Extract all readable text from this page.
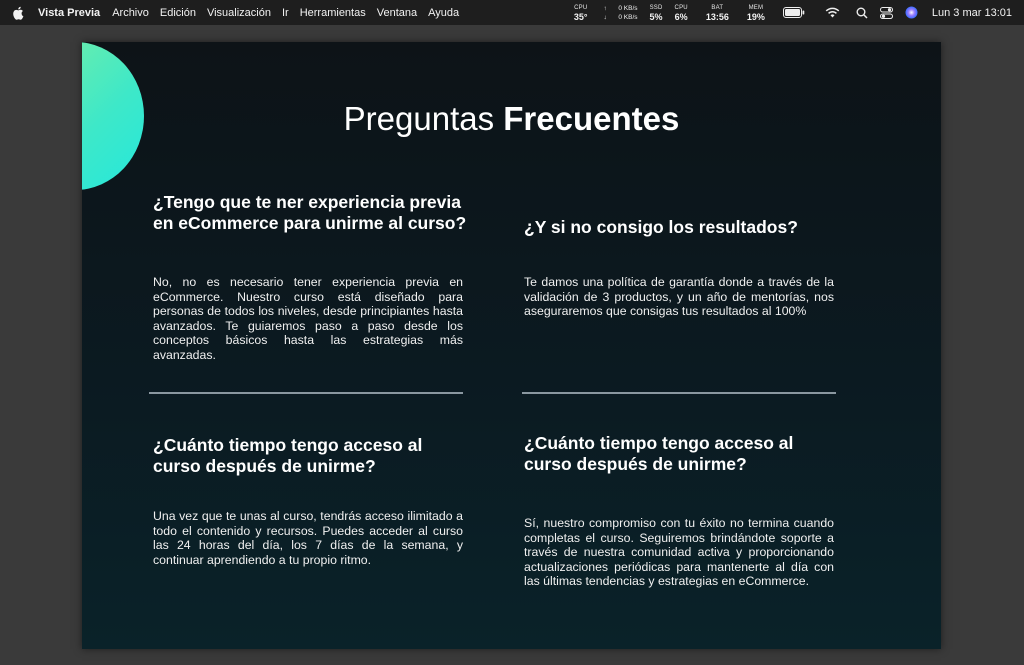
Vista Previa Archivo Edición Visualización Ir Herramientas Ventana Ayuda	CPU
35°
↑ 0 KB/s
↓ 0 KB/s
SSD
5%
CPU
6%
BAT
13:56
MEM
19%	Lun 3 mar 13:01
Preguntas Frecuentes
¿Tengo que te ner experiencia previa en eCommerce para unirme al curso?
No, no es necesario tener experiencia previa en eCommerce. Nuestro curso está diseñado para personas de todos los niveles, desde principiantes hasta avanzados. Te guiaremos paso a paso desde los conceptos básicos hasta las estrategias más avanzadas.
¿Y si no consigo los resultados?
Te damos una política de garantía donde a través de la validación de 3 productos, y un año de mentorías, nos aseguraremos que consigas tus resultados al 100%
¿Cuánto tiempo tengo acceso al curso después de unirme?
Una vez que te unas al curso, tendrás acceso ilimitado a todo el contenido y recursos. Puedes acceder al curso las 24 horas del día, los 7 días de la semana, y continuar aprendiendo a tu propio ritmo.
¿Cuánto tiempo tengo acceso al curso después de unirme?
Sí, nuestro compromiso con tu éxito no termina cuando completas el curso. Seguiremos brindándote soporte a través de nuestra comunidad activa y proporcionando actualizaciones periódicas para mantenerte al día con las últimas tendencias y estrategias en eCommerce.
